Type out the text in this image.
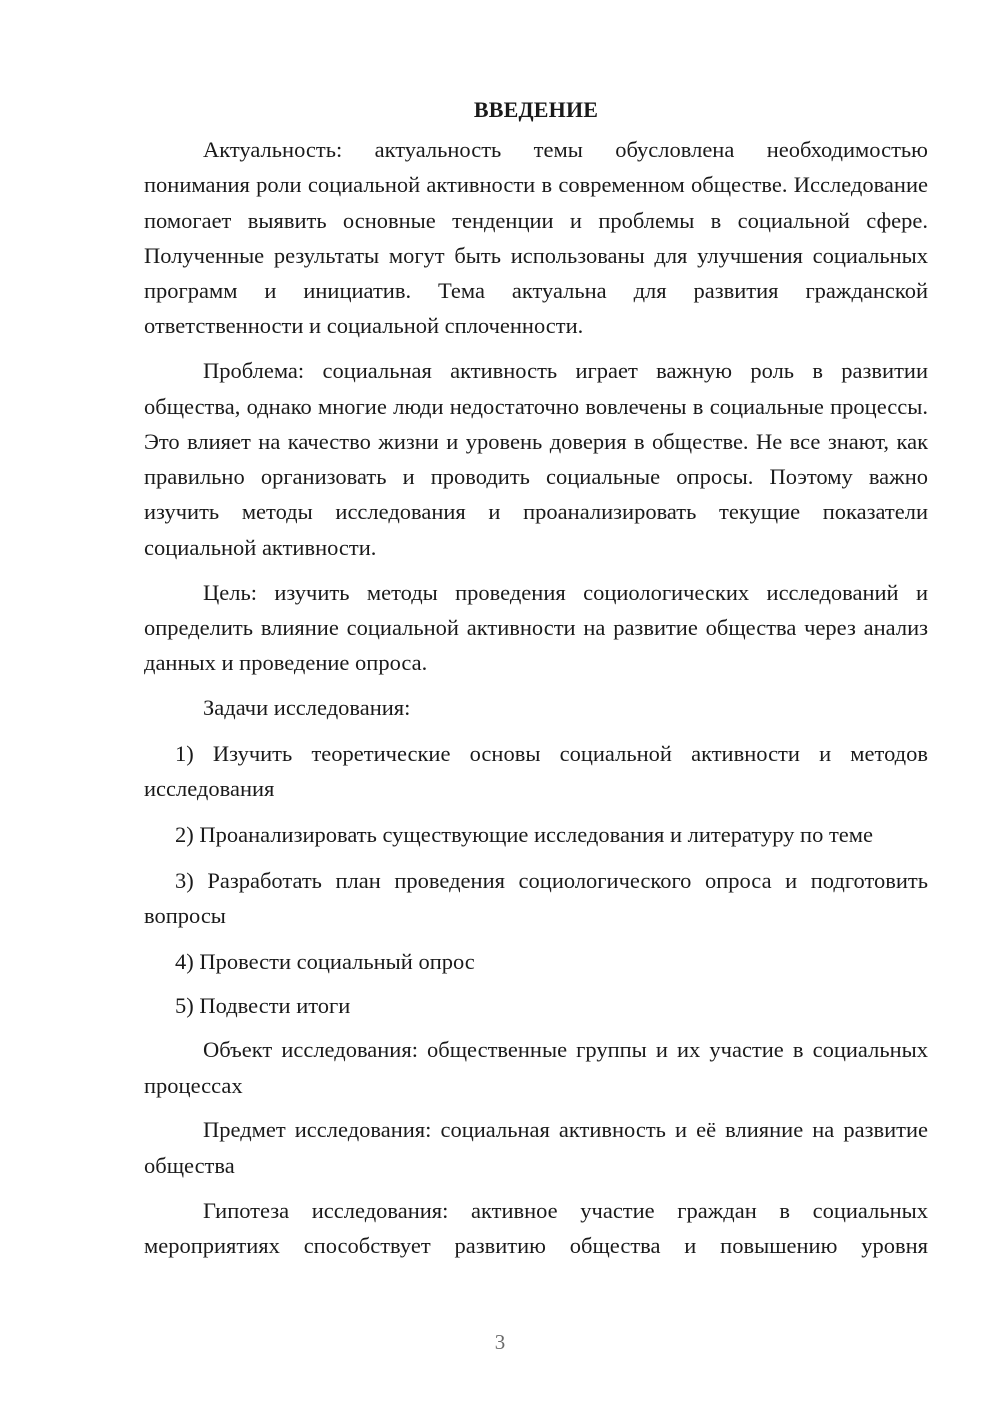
ВВЕДЕНИЕ

Актуальность: актуальность темы обусловлена необходимостью понимания роли социальной активности в современном обществе. Исследование помогает выявить основные тенденции и проблемы в социальной сфере. Полученные результаты могут быть использованы для улучшения социальных программ и инициатив. Тема актуальна для развития гражданской ответственности и социальной сплоченности.

Проблема: социальная активность играет важную роль в развитии общества, однако многие люди недостаточно вовлечены в социальные процессы. Это влияет на качество жизни и уровень доверия в обществе. Не все знают, как правильно организовать и проводить социальные опросы. Поэтому важно изучить методы исследования и проанализировать текущие показатели социальной активности.

Цель: изучить методы проведения социологических исследований и определить влияние социальной активности на развитие общества через анализ данных и проведение опроса.

Задачи исследования:

1) Изучить теоретические основы социальной активности и методов исследования

2) Проанализировать существующие исследования и литературу по теме

3) Разработать план проведения социологического опроса и подготовить вопросы

4) Провести социальный опрос

5) Подвести итоги

Объект исследования: общественные группы и их участие в социальных процессах

Предмет исследования: социальная активность и её влияние на развитие общества

Гипотеза исследования: активное участие граждан в социальных мероприятиях способствует развитию общества и повышению уровня

3
